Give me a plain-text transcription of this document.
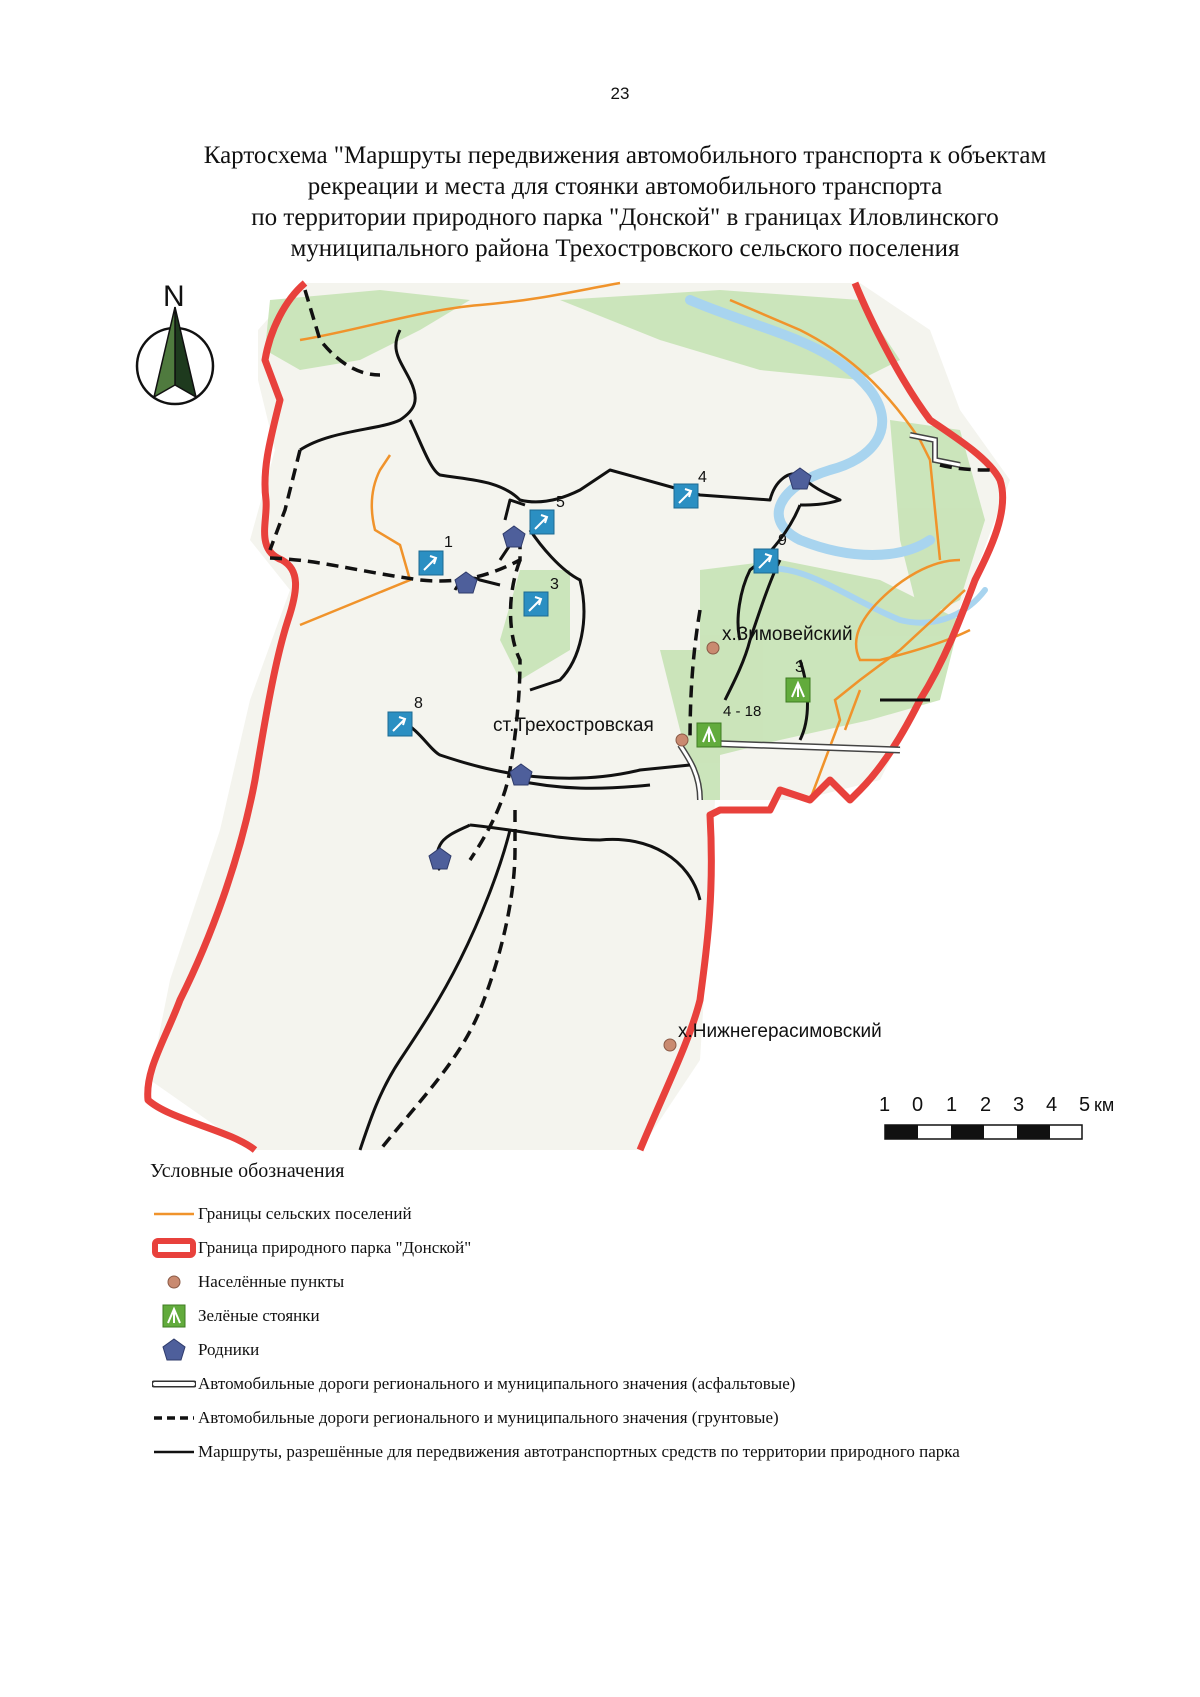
23
Картосхема "Маршруты передвижения автомобильного транспорта к объектам
рекреации и места для стоянки автомобильного транспорта
по территории природного парка "Донской" в границах Иловлинского
муниципального района Трехостровского сельского поселения
1
3
4
5
8
9
3
4 - 18
х.Зимовейский
ст.Трехостровская
х.Нижнегерасимовский
N
1 0 1 2 3 4 5 км
Условные обозначения
Границы сельских поселений
Граница природного парка "Донской"
Населённые пункты
Зелёные стоянки
Родники
Автомобильные дороги регионального и муниципального значения (асфальтовые)
Автомобильные дороги регионального и муниципального значения (грунтовые)
Маршруты, разрешённые для передвижения автотранспортных средств по территории природного парка
